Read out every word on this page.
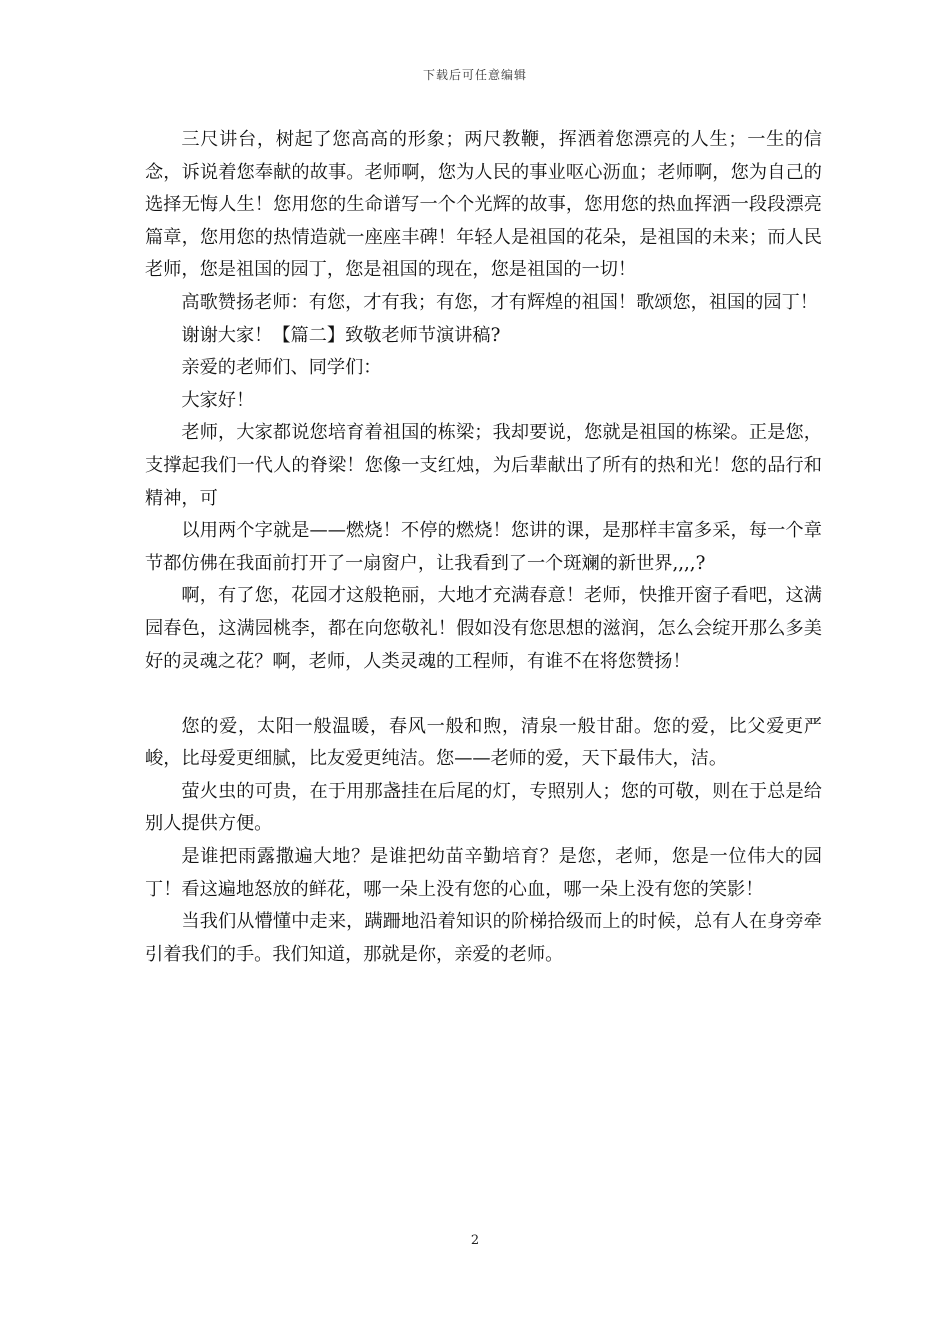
下载后可任意编辑

三尺讲台，树起了您高高的形象；两尺教鞭，挥洒着您漂亮的人生；一生的信念，诉说着您奉献的故事。老师啊，您为人民的事业呕心沥血；老师啊，您为自己的选择无悔人生！您用您的生命谱写一个个光辉的故事，您用您的热血挥洒一段段漂亮篇章，您用您的热情造就一座座丰碑！年轻人是祖国的花朵，是祖国的未来；而人民老师，您是祖国的园丁，您是祖国的现在，您是祖国的一切！

高歌赞扬老师：有您，才有我；有您，才有辉煌的祖国！歌颂您，祖国的园丁！

谢谢大家！【篇二】致敬老师节演讲稿?

亲爱的老师们、同学们：

大家好！

老师，大家都说您培育着祖国的栋梁；我却要说，您就是祖国的栋梁。正是您，支撑起我们一代人的脊梁！您像一支红烛，为后辈献出了所有的热和光！您的品行和精神，可

以用两个字就是——燃烧！不停的燃烧！您讲的课，是那样丰富多采，每一个章节都仿佛在我面前打开了一扇窗户，让我看到了一个斑斓的新世界,,,,?

啊，有了您，花园才这般艳丽，大地才充满春意！老师，快推开窗子看吧，这满园春色，这满园桃李，都在向您敬礼！假如没有您思想的滋润，怎么会绽开那么多美好的灵魂之花？啊，老师，人类灵魂的工程师，有谁不在将您赞扬！

您的爱，太阳一般温暖，春风一般和煦，清泉一般甘甜。您的爱，比父爱更严峻，比母爱更细腻，比友爱更纯洁。您——老师的爱，天下最伟大，洁。

萤火虫的可贵，在于用那盏挂在后尾的灯，专照别人；您的可敬，则在于总是给别人提供方便。

是谁把雨露撒遍大地？是谁把幼苗辛勤培育？是您，老师，您是一位伟大的园丁！看这遍地怒放的鲜花，哪一朵上没有您的心血，哪一朵上没有您的笑影！

当我们从懵懂中走来，蹒跚地沿着知识的阶梯拾级而上的时候，总有人在身旁牵引着我们的手。我们知道，那就是你，亲爱的老师。

2
